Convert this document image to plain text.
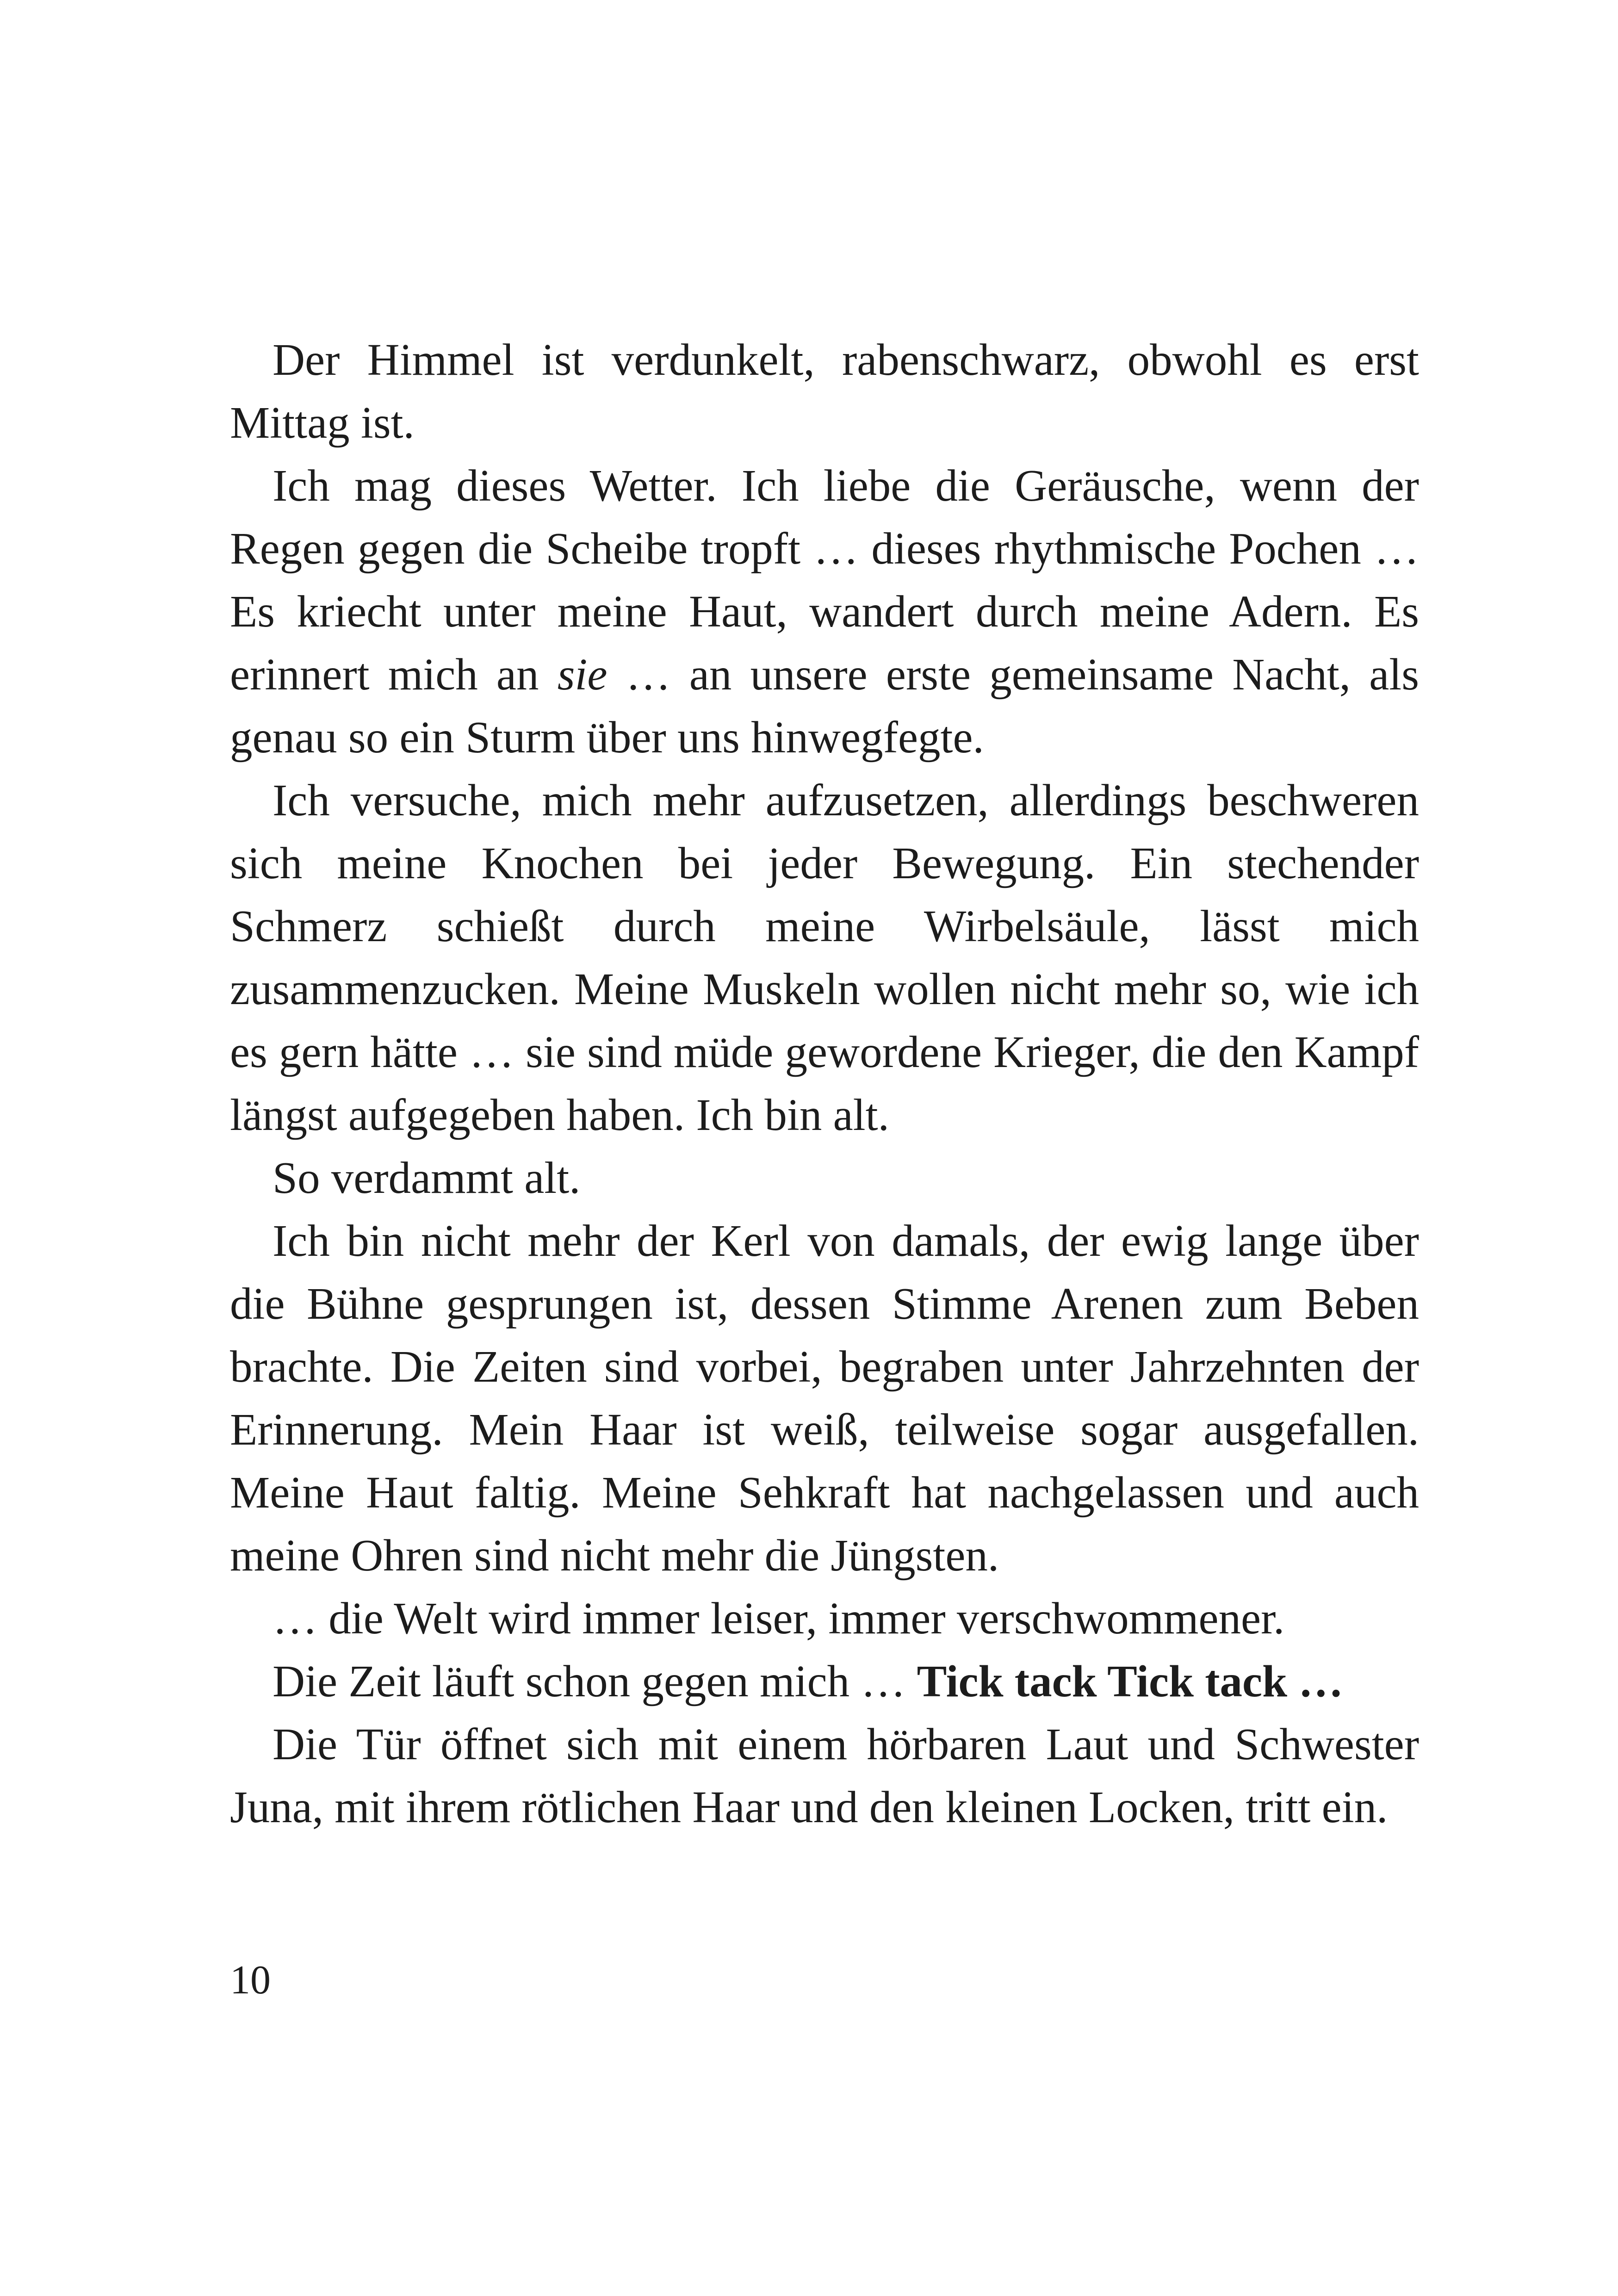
Der Himmel ist verdunkelt, rabenschwarz, obwohl es erst Mittag ist.

Ich mag dieses Wetter. Ich liebe die Geräusche, wenn der Regen gegen die Scheibe tropft … dieses rhythmische Pochen … Es kriecht unter meine Haut, wandert durch meine Adern. Es erinnert mich an sie … an unsere erste gemeinsame Nacht, als genau so ein Sturm über uns hinwegfegte.

Ich versuche, mich mehr aufzusetzen, allerdings beschweren sich meine Knochen bei jeder Bewegung. Ein stechender Schmerz schießt durch meine Wirbelsäule, lässt mich zusammenzucken. Meine Muskeln wollen nicht mehr so, wie ich es gern hätte … sie sind müde gewordene Krieger, die den Kampf längst aufgegeben haben. Ich bin alt.

So verdammt alt.

Ich bin nicht mehr der Kerl von damals, der ewig lange über die Bühne gesprungen ist, dessen Stimme Arenen zum Beben brachte. Die Zeiten sind vorbei, begraben unter Jahrzehnten der Erinnerung. Mein Haar ist weiß, teilweise sogar ausgefallen. Meine Haut faltig. Meine Sehkraft hat nachgelassen und auch meine Ohren sind nicht mehr die Jüngsten.

… die Welt wird immer leiser, immer verschwommener.

Die Zeit läuft schon gegen mich … Tick tack Tick tack …

Die Tür öffnet sich mit einem hörbaren Laut und Schwester Juna, mit ihrem rötlichen Haar und den kleinen Locken, tritt ein.

10
